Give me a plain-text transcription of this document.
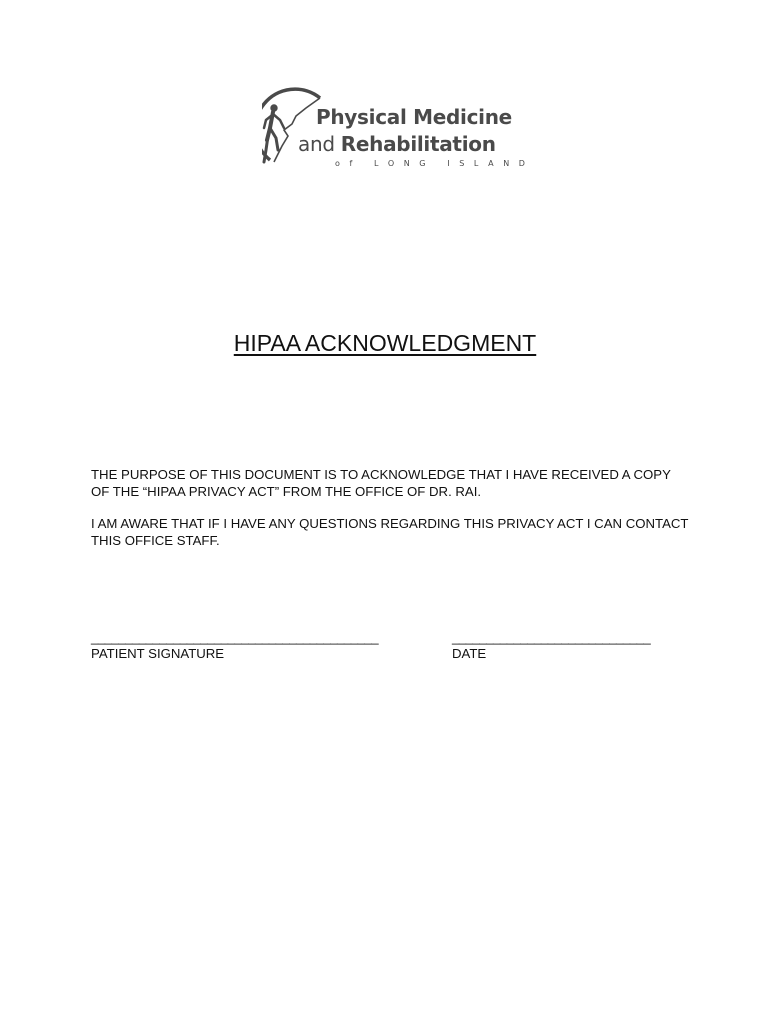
Physical Medicine
and Rehabilitation
of LONG ISLAND
HIPAA ACKNOWLEDGMENT

THE PURPOSE OF THIS DOCUMENT IS TO ACKNOWLEDGE THAT I HAVE RECEIVED A COPY OF THE “HIPAA PRIVACY ACT” FROM THE OFFICE OF DR. RAI.

I AM AWARE THAT IF I HAVE ANY QUESTIONS REGARDING THIS PRIVACY ACT I CAN CONTACT THIS OFFICE STAFF.

__________________________________________
PATIENT SIGNATURE
_____________________________
DATE
